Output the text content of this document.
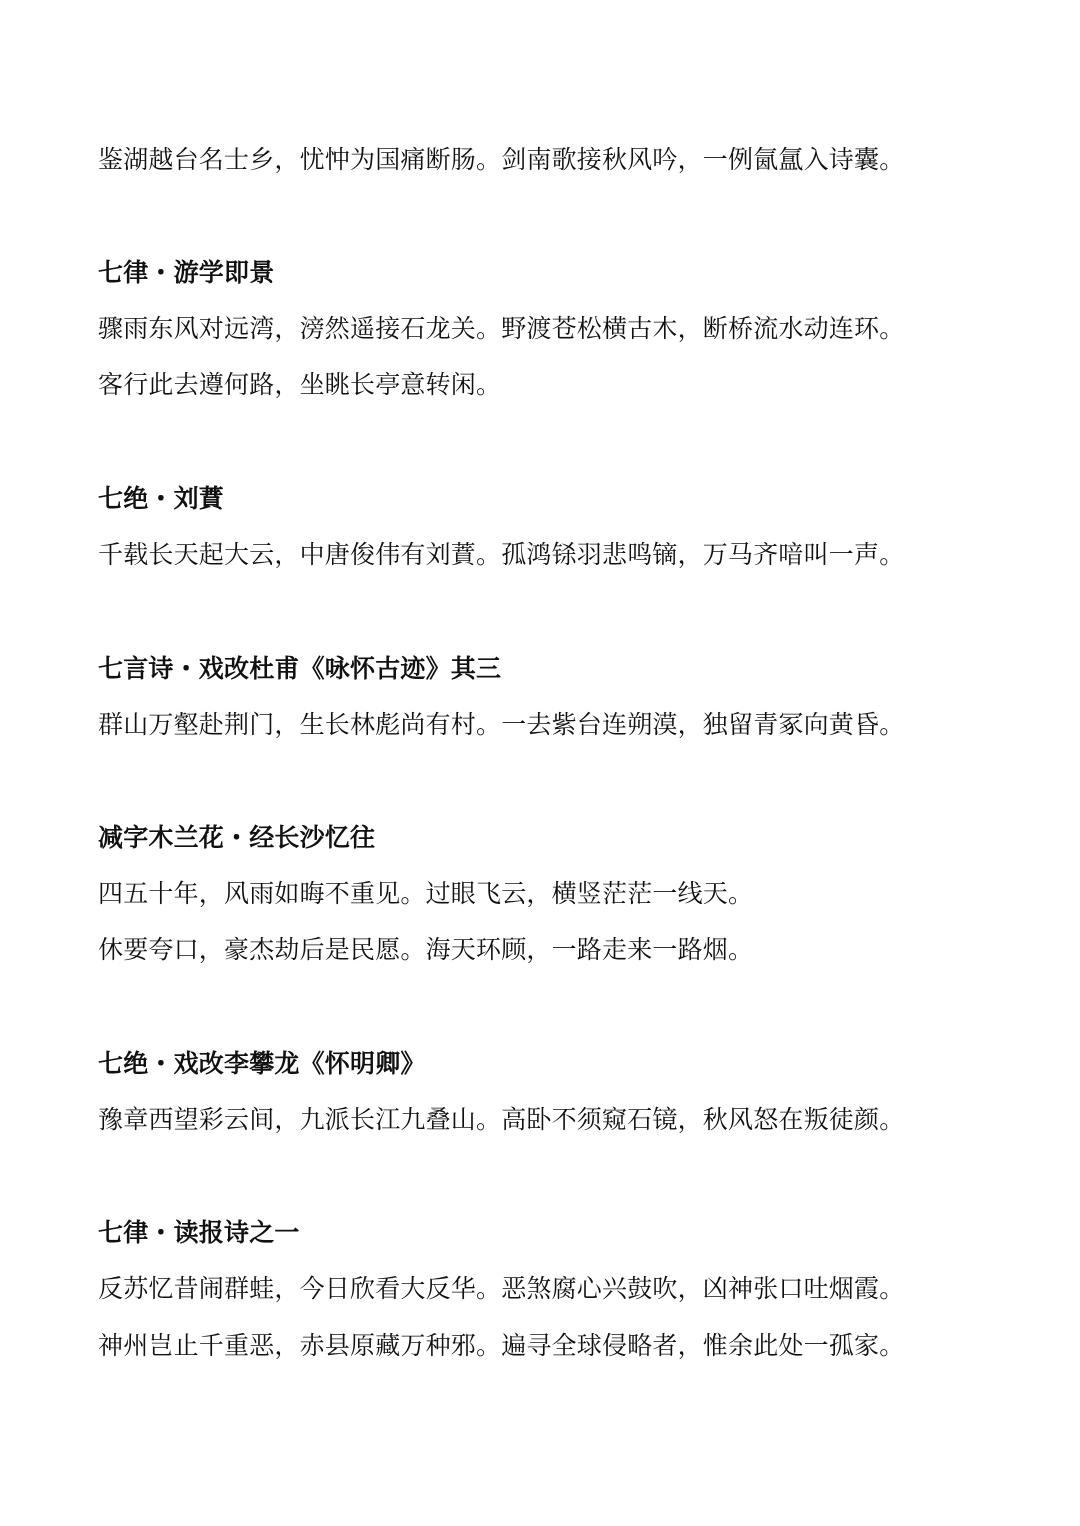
鉴湖越台名士乡，忧忡为国痛断肠。剑南歌接秋风吟，一例氤氲入诗囊。
七律・游学即景
骤雨东风对远湾，滂然遥接石龙关。野渡苍松横古木，断桥流水动连环。
客行此去遵何路，坐眺长亭意转闲。
七绝・刘蕡
千载长天起大云，中唐俊伟有刘蕡。孤鸿铩羽悲鸣镝，万马齐喑叫一声。
七言诗・戏改杜甫《咏怀古迹》其三
群山万壑赴荆门，生长林彪尚有村。一去紫台连朔漠，独留青冢向黄昏。
减字木兰花・经长沙忆往
四五十年，风雨如晦不重见。过眼飞云，横竖茫茫一线天。
休要夸口，豪杰劫后是民愿。海天环顾，一路走来一路烟。
七绝・戏改李攀龙《怀明卿》
豫章西望彩云间，九派长江九叠山。高卧不须窥石镜，秋风怒在叛徒颜。
七律・读报诗之一
反苏忆昔闹群蛙，今日欣看大反华。恶煞腐心兴鼓吹，凶神张口吐烟霞。
神州岂止千重恶，赤县原藏万种邪。遍寻全球侵略者，惟余此处一孤家。
